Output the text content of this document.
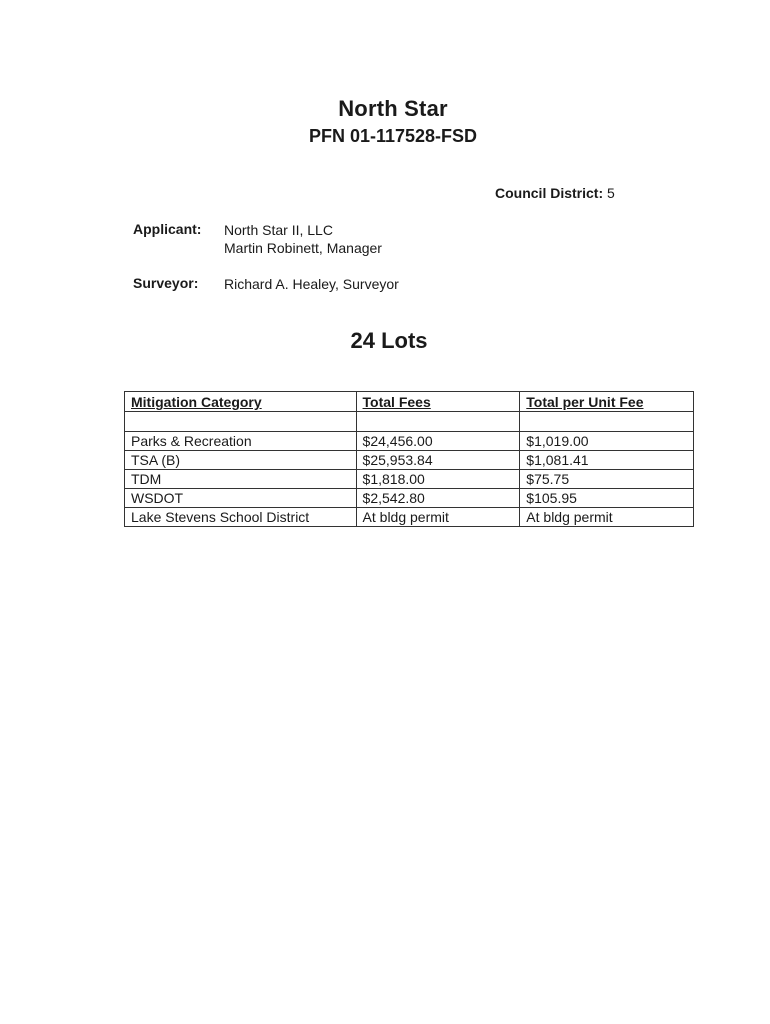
North Star
PFN 01-117528-FSD
Council District: 5
Applicant: North Star II, LLC
Martin Robinett, Manager
Surveyor: Richard A. Healey, Surveyor
24 Lots
Mitigation Category	Total Fees	Total per Unit Fee

Parks & Recreation	$24,456.00	$1,019.00
TSA (B)	$25,953.84	$1,081.41
TDM	$1,818.00	$75.75
WSDOT	$2,542.80	$105.95
Lake Stevens School District	At bldg permit	At bldg permit
